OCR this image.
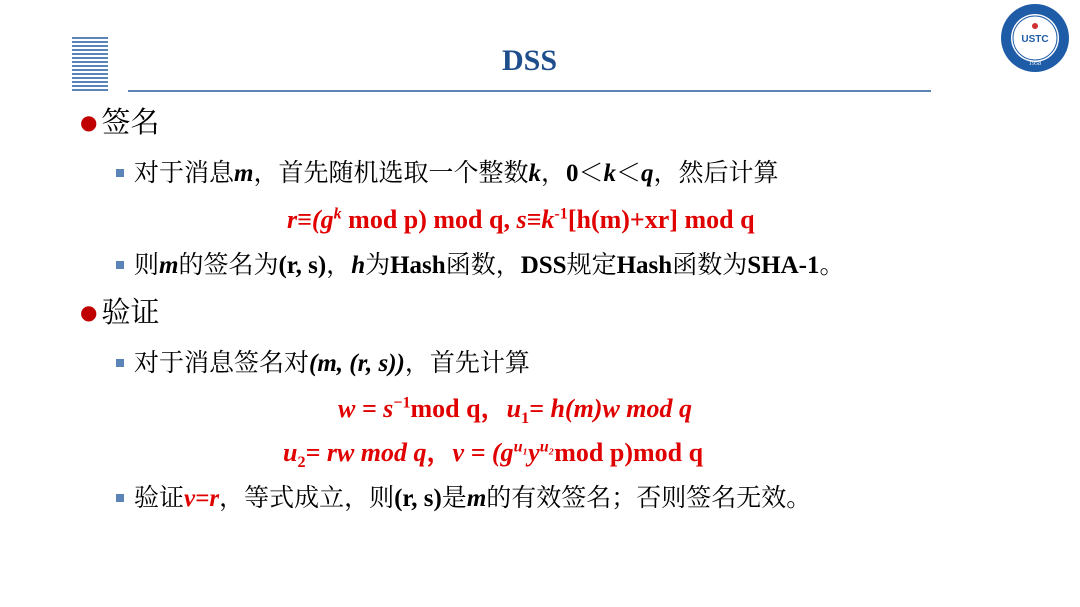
DSS
USTC
1958
● 签名
对于消息m，首先随机选取一个整数k，0＜k＜q，然后计算
$r\equiv(g^k$ mod p) mod q, $s\equiv k^{-1}[h(m)+xr]$ mod q
则m的签名为(r, s)，h为Hash函数，DSS规定Hash函数为SHA-1。
● 验证
对于消息签名对(m, (r, s))，首先计算
$w = s^{-1}mod$ q，$u_1= h(m)w$ mod q
$u_2=$ rw mod q，$v = (g^{u_1}y^{u_2}mod$ p)mod q
验证v=r，等式成立，则(r, s)是m的有效签名；否则签名无效。
